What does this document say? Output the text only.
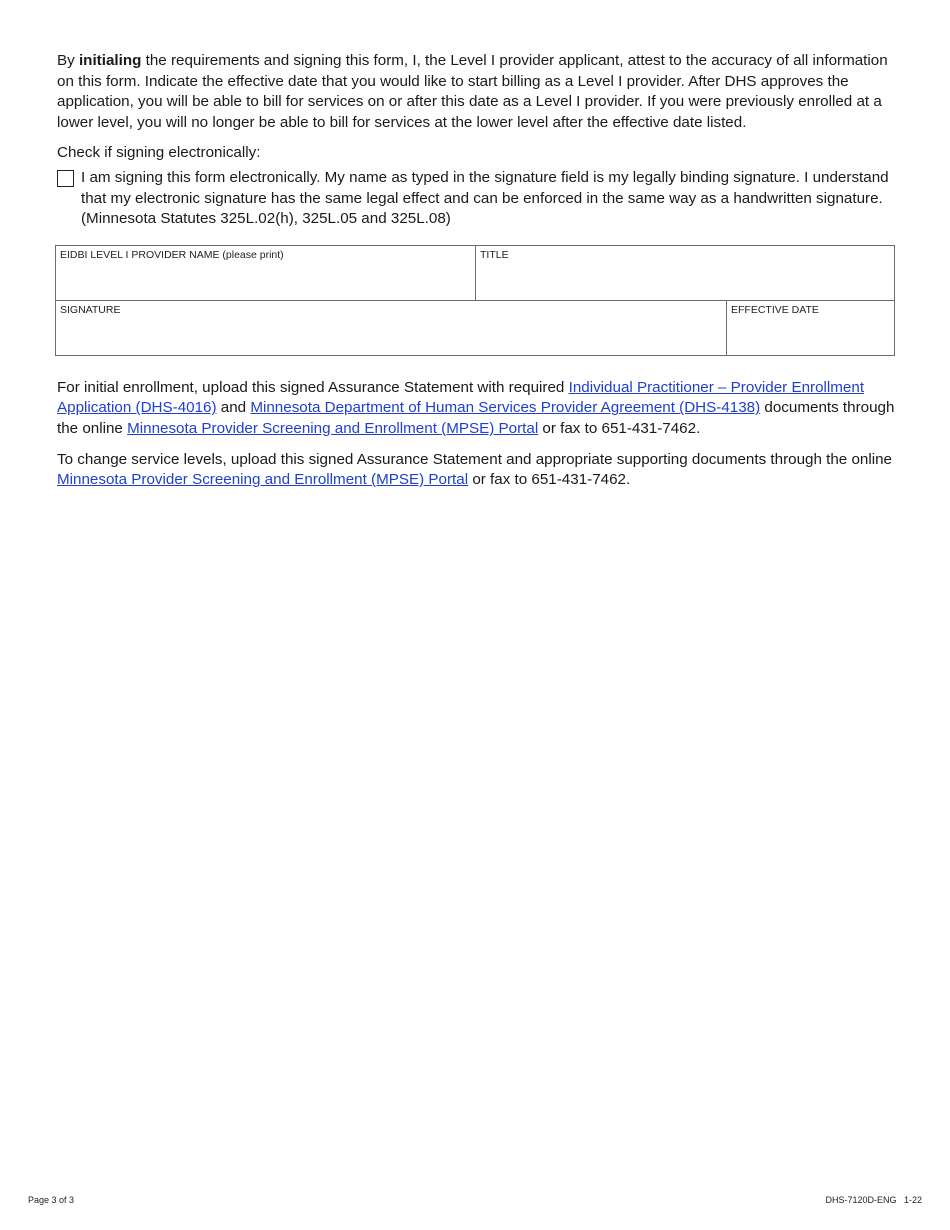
By initialing the requirements and signing this form, I, the Level I provider applicant, attest to the accuracy of all information on this form. Indicate the effective date that you would like to start billing as a Level I provider. After DHS approves the application, you will be able to bill for services on or after this date as a Level I provider. If you were previously enrolled at a lower level, you will no longer be able to bill for services at the lower level after the effective date listed.

Check if signing electronically:

I am signing this form electronically. My name as typed in the signature field is my legally binding signature. I understand that my electronic signature has the same legal effect and can be enforced in the same way as a handwritten signature. (Minnesota Statutes 325L.02(h), 325L.05 and 325L.08)

EIDBI LEVEL I PROVIDER NAME (please print)	TITLE	
SIGNATURE		EFFECTIVE DATE

For initial enrollment, upload this signed Assurance Statement with required Individual Practitioner – Provider Enrollment Application (DHS-4016) and Minnesota Department of Human Services Provider Agreement (DHS-4138) documents through the online Minnesota Provider Screening and Enrollment (MPSE) Portal or fax to 651-431-7462.

To change service levels, upload this signed Assurance Statement and appropriate supporting documents through the online  Minnesota Provider Screening and Enrollment (MPSE) Portal or fax to 651-431-7462.

Page 3 of 3	DHS-7120D-ENG   1-22
